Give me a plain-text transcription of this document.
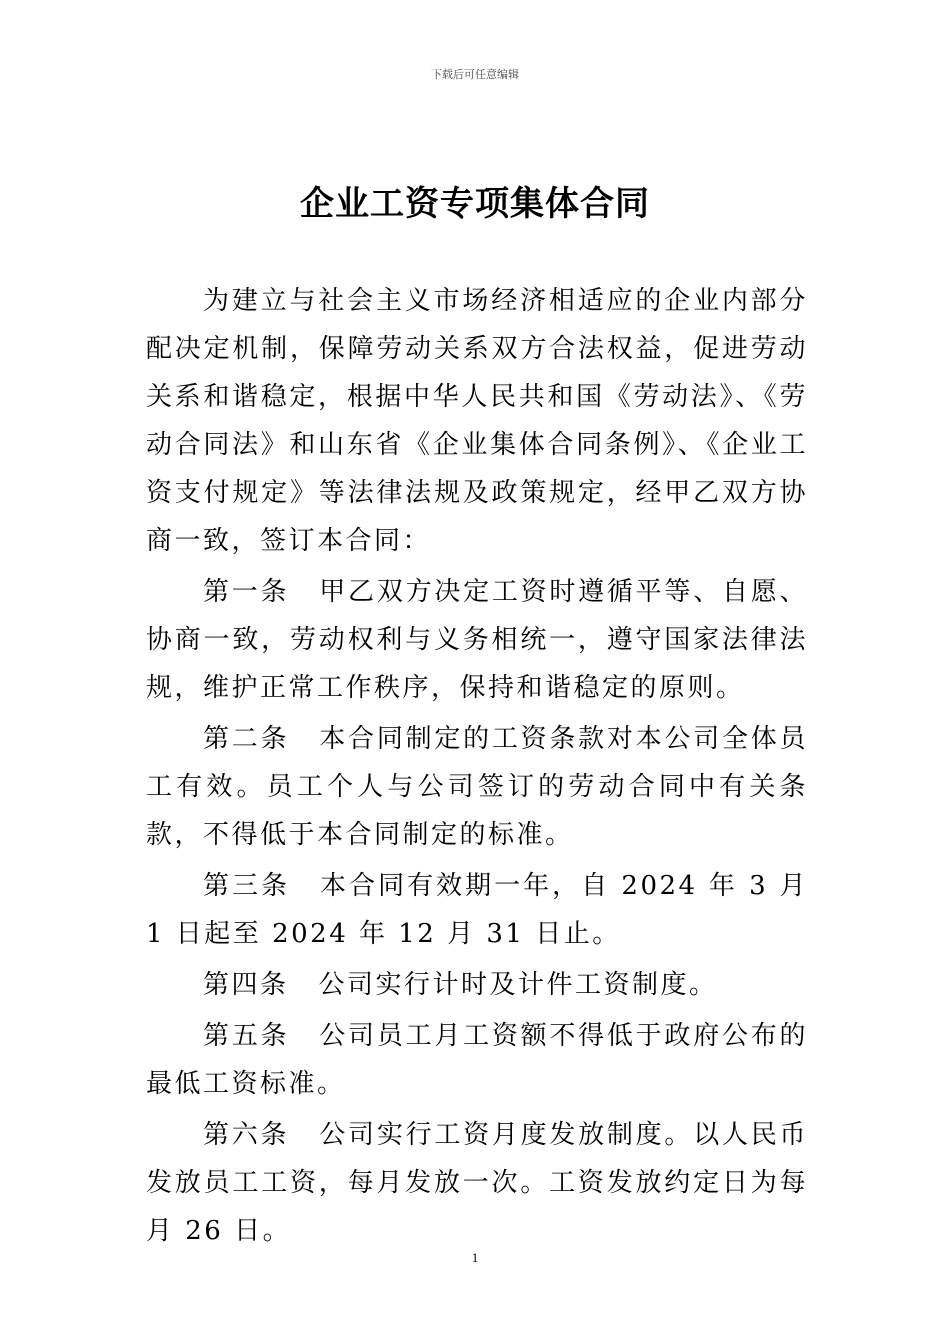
下载后可任意编辑
企业工资专项集体合同

为建立与社会主义市场经济相适应的企业内部分配决定机制，保障劳动关系双方合法权益，促进劳动关系和谐稳定，根据中华人民共和国《劳动法》、《劳动合同法》和山东省《企业集体合同条例》、《企业工资支付规定》等法律法规及政策规定，经甲乙双方协商一致，签订本合同：

第一条 甲乙双方决定工资时遵循平等、自愿、协商一致，劳动权利与义务相统一，遵守国家法律法规，维护正常工作秩序，保持和谐稳定的原则。

第二条 本合同制定的工资条款对本公司全体员工有效。员工个人与公司签订的劳动合同中有关条款，不得低于本合同制定的标准。

第三条 本合同有效期一年，自 2024 年 3 月 1 日起至 2024 年 12 月 31 日止。

第四条 公司实行计时及计件工资制度。

第五条 公司员工月工资额不得低于政府公布的最低工资标准。

第六条 公司实行工资月度发放制度。以人民币发放员工工资，每月发放一次。工资发放约定日为每月 26 日。

1
